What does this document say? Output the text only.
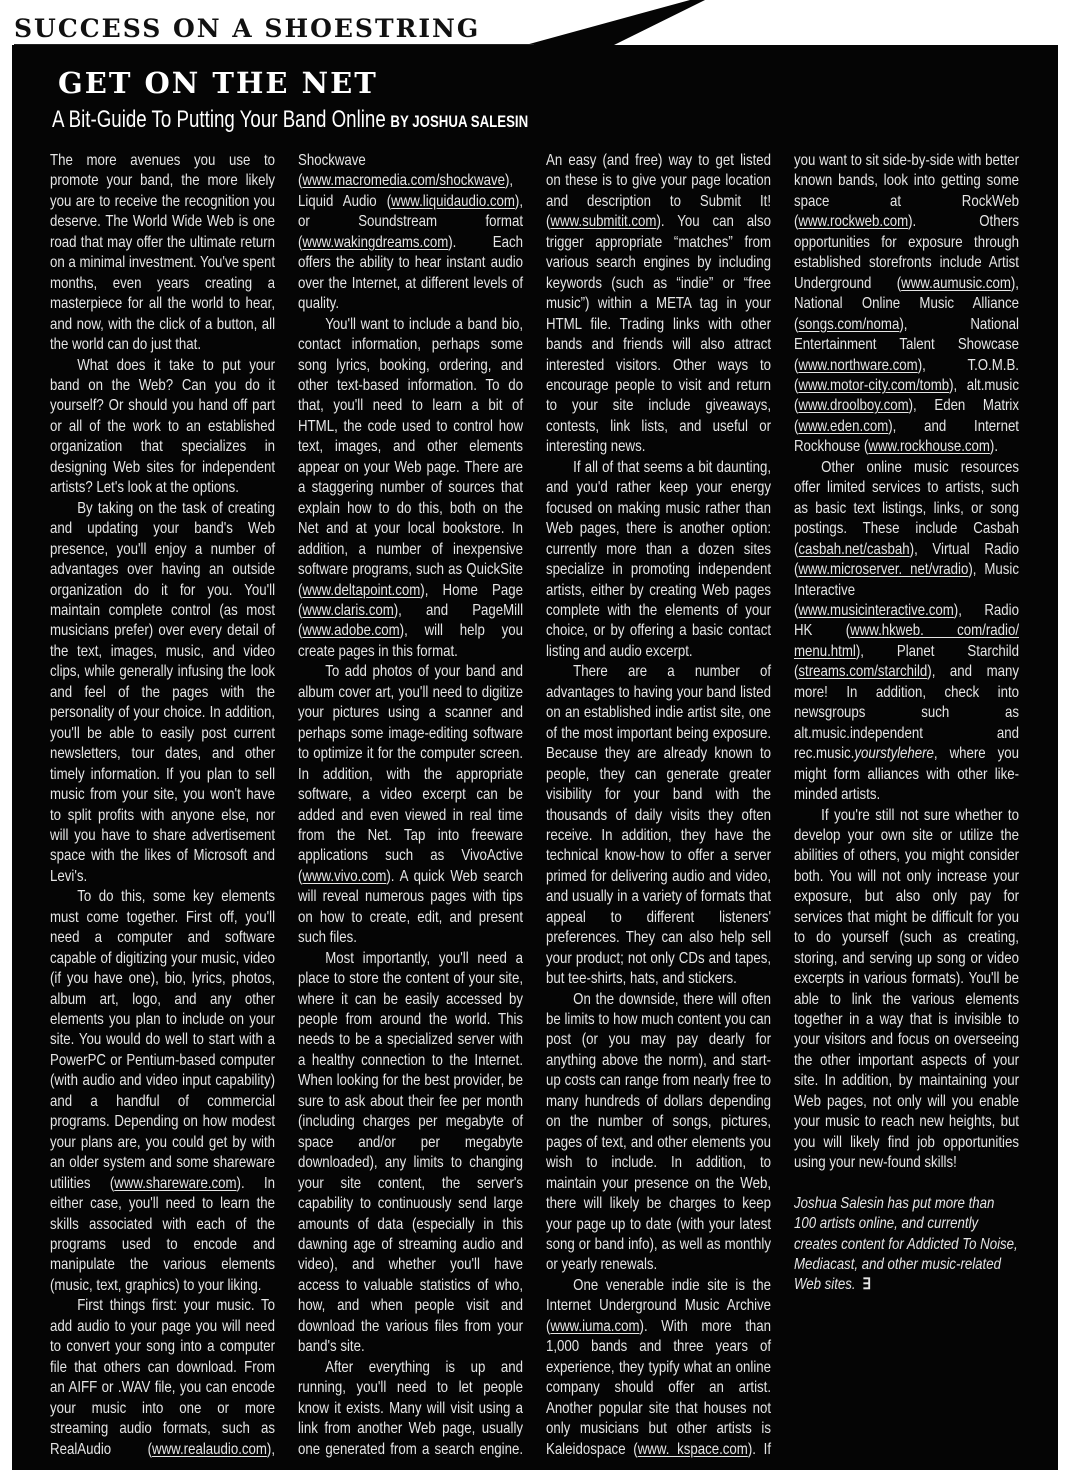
SUCCESS ON A SHOESTRING
GET ON THE NET
A Bit-Guide To Putting Your Band Online BY JOSHUA SALESIN

The more avenues you use to promote your band, the more likely you are to receive the recognition you deserve. The World Wide Web is one road that may offer the ultimate return on a minimal investment. You've spent months, even years creating a masterpiece for all the world to hear, and now, with the click of a button, all the world can do just that.

What does it take to put your band on the Web? Can you do it yourself? Or should you hand off part or all of the work to an established organization that specializes in designing Web sites for independent artists? Let's look at the options.

By taking on the task of creating and updating your band's Web presence, you'll enjoy a number of advantages over having an outside organization do it for you. You'll maintain complete control (as most musicians prefer) over every detail of the text, images, music, and video clips, while generally infusing the look and feel of the pages with the personality of your choice. In addition, you'll be able to easily post current newsletters, tour dates, and other timely information. If you plan to sell music from your site, you won't have to split profits with anyone else, nor will you have to share advertisement space with the likes of Microsoft and Levi's.

To do this, some key elements must come together. First off, you'll need a computer and software capable of digitizing your music, video (if you have one), bio, lyrics, photos, album art, logo, and any other elements you plan to include on your site. You would do well to start with a PowerPC or Pentium-based computer (with audio and video input capability) and a handful of commercial programs. Depending on how modest your plans are, you could get by with an older system and some shareware utilities (www.shareware.com). In either case, you'll need to learn the skills associated with each of the programs used to encode and manipulate the various elements (music, text, graphics) to your liking.

First things first: your music. To add audio to your page you will need to convert your song into a computer file that others can download. From an AIFF or .WAV file, you can encode your music into one or more streaming audio formats, such as RealAudio (www.realaudio.com), Shockwave (www.macromedia.com/shockwave), Liquid Audio (www.liquidaudio.com), or Soundstream format (www.wakingdreams.com). Each offers the ability to hear instant audio over the Internet, at different levels of quality.

You'll want to include a band bio, contact information, perhaps some song lyrics, booking, ordering, and other text-based information. To do that, you'll need to learn a bit of HTML, the code used to control how text, images, and other elements appear on your Web page. There are a staggering number of sources that explain how to do this, both on the Net and at your local bookstore. In addition, a number of inexpensive software programs, such as QuickSite (www.deltapoint.com), Home Page (www.claris.com), and PageMill (www.adobe.com), will help you create pages in this format.

To add photos of your band and album cover art, you'll need to digitize your pictures using a scanner and perhaps some image-editing software to optimize it for the computer screen. In addition, with the appropriate software, a video excerpt can be added and even viewed in real time from the Net. Tap into freeware applications such as VivoActive (www.vivo.com). A quick Web search will reveal numerous pages with tips on how to create, edit, and present such files.

Most importantly, you'll need a place to store the content of your site, where it can be easily accessed by people from around the world. This needs to be a specialized server with a healthy connection to the Internet. When looking for the best provider, be sure to ask about their fee per month (including charges per megabyte of space and/or per megabyte downloaded), any limits to changing your site content, the server's capability to continuously send large amounts of data (especially in this dawning age of streaming audio and video), and whether you'll have access to valuable statistics of who, how, and when people visit and download the various files from your band's site.

After everything is up and running, you'll need to let people know it exists. Many will visit using a link from another Web page, usually one generated from a search engine. An easy (and free) way to get listed on these is to give your page location and description to Submit It! (www.submitit.com). You can also trigger appropriate “matches” from various search engines by including keywords (such as “indie” or “free music”) within a META tag in your HTML file. Trading links with other bands and friends will also attract interested visitors. Other ways to encourage people to visit and return to your site include giveaways, contests, link lists, and useful or interesting news.

If all of that seems a bit daunting, and you'd rather keep your energy focused on making music rather than Web pages, there is another option: currently more than a dozen sites specialize in promoting independent artists, either by creating Web pages complete with the elements of your choice, or by offering a basic contact listing and audio excerpt.

There are a number of advantages to having your band listed on an established indie artist site, one of the most important being exposure. Because they are already known to people, they can generate greater visibility for your band with the thousands of daily visits they often receive. In addition, they have the technical know-how to offer a server primed for delivering audio and video, and usually in a variety of formats that appeal to different listeners' preferences. They can also help sell your product; not only CDs and tapes, but tee-shirts, hats, and stickers.

On the downside, there will often be limits to how much content you can post (or you may pay dearly for anything above the norm), and start-up costs can range from nearly free to many hundreds of dollars depending on the number of songs, pictures, pages of text, and other elements you wish to include. In addition, to maintain your presence on the Web, there will likely be charges to keep your page up to date (with your latest song or band info), as well as monthly or yearly renewals.

One venerable indie site is the Internet Underground Music Archive (www.iuma.com). With more than 1,000 bands and three years of experience, they typify what an online company should offer an artist. Another popular site that houses not only musicians but other artists is Kaleidospace (www. kspace.com). If you want to sit side-by-side with better known bands, look into getting some space at RockWeb (www.rockweb.com). Others opportunities for exposure through established storefronts include Artist Underground (www.aumusic.com), National Online Music Alliance (songs.com/noma), National Entertainment Talent Showcase (www.northware.com), T.O.M.B. (www.motor-city.com/tomb), alt.music (www.droolboy.com), Eden Matrix (www.eden.com), and Internet Rockhouse (www.rockhouse.com).

Other online music resources offer limited services to artists, such as basic text listings, links, or song postings. These include Casbah (casbah.net/casbah), Virtual Radio (www.microserver. net/vradio), Music Interactive (www.musicinteractive.com), Radio HK (www.hkweb. com/radio/ menu.html), Planet Starchild (streams.com/starchild), and many more! In addition, check into newsgroups such as alt.music.independent and rec.music.yourstylehere, where you might form alliances with other like-minded artists.

If you're still not sure whether to develop your own site or utilize the abilities of others, you might consider both. You will not only increase your exposure, but also only pay for services that might be difficult for you to do yourself (such as creating, storing, and serving up song or video excerpts in various formats). You'll be able to link the various elements together in a way that is invisible to your visitors and focus on overseeing the other important aspects of your site. In addition, by maintaining your Web pages, not only will you enable your music to reach new heights, but you will likely find job opportunities using your new-found skills!

Joshua Salesin has put more than 100 artists online, and currently creates content for Addicted To Noise, Mediacast, and other music-related Web sites. ∃
